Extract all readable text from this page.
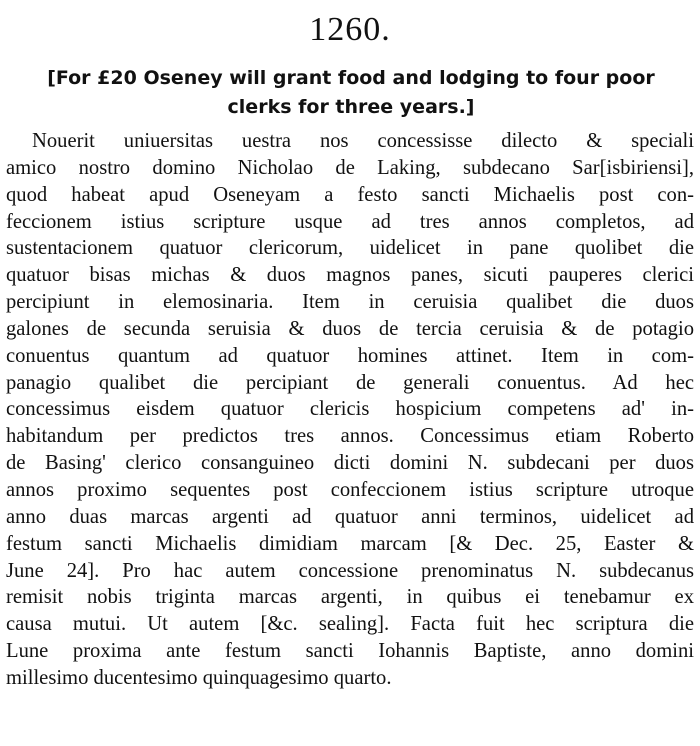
1260.
[For £20 Oseney will grant food and lodging to four poor
clerks for three years.]
Nouerit uniuersitas uestra nos concessisse dilecto & speciali
amico nostro domino Nicholao de Laking, subdecano Sar[isbiriensi],
quod habeat apud Oseneyam a festo sancti Michaelis post con-
feccionem istius scripture usque ad tres annos completos, ad
sustentacionem quatuor clericorum, uidelicet in pane quolibet die
quatuor bisas michas & duos magnos panes, sicuti pauperes clerici
percipiunt in elemosinaria. Item in ceruisia qualibet die duos
galones de secunda seruisia & duos de tercia ceruisia & de potagio
conuentus quantum ad quatuor homines attinet. Item in com-
panagio qualibet die percipiant de generali conuentus. Ad hec
concessimus eisdem quatuor clericis hospicium competens ad' in-
habitandum per predictos tres annos. Concessimus etiam Roberto
de Basing' clerico consanguineo dicti domini N. subdecani per duos
annos proximo sequentes post confeccionem istius scripture utroque
anno duas marcas argenti ad quatuor anni terminos, uidelicet ad
festum sancti Michaelis dimidiam marcam [& Dec. 25, Easter &
June 24]. Pro hac autem concessione prenominatus N. subdecanus
remisit nobis triginta marcas argenti, in quibus ei tenebamur ex
causa mutui. Ut autem [&c. sealing]. Facta fuit hec scriptura die
Lune proxima ante festum sancti Iohannis Baptiste, anno domini
millesimo ducentesimo quinquagesimo quarto.
